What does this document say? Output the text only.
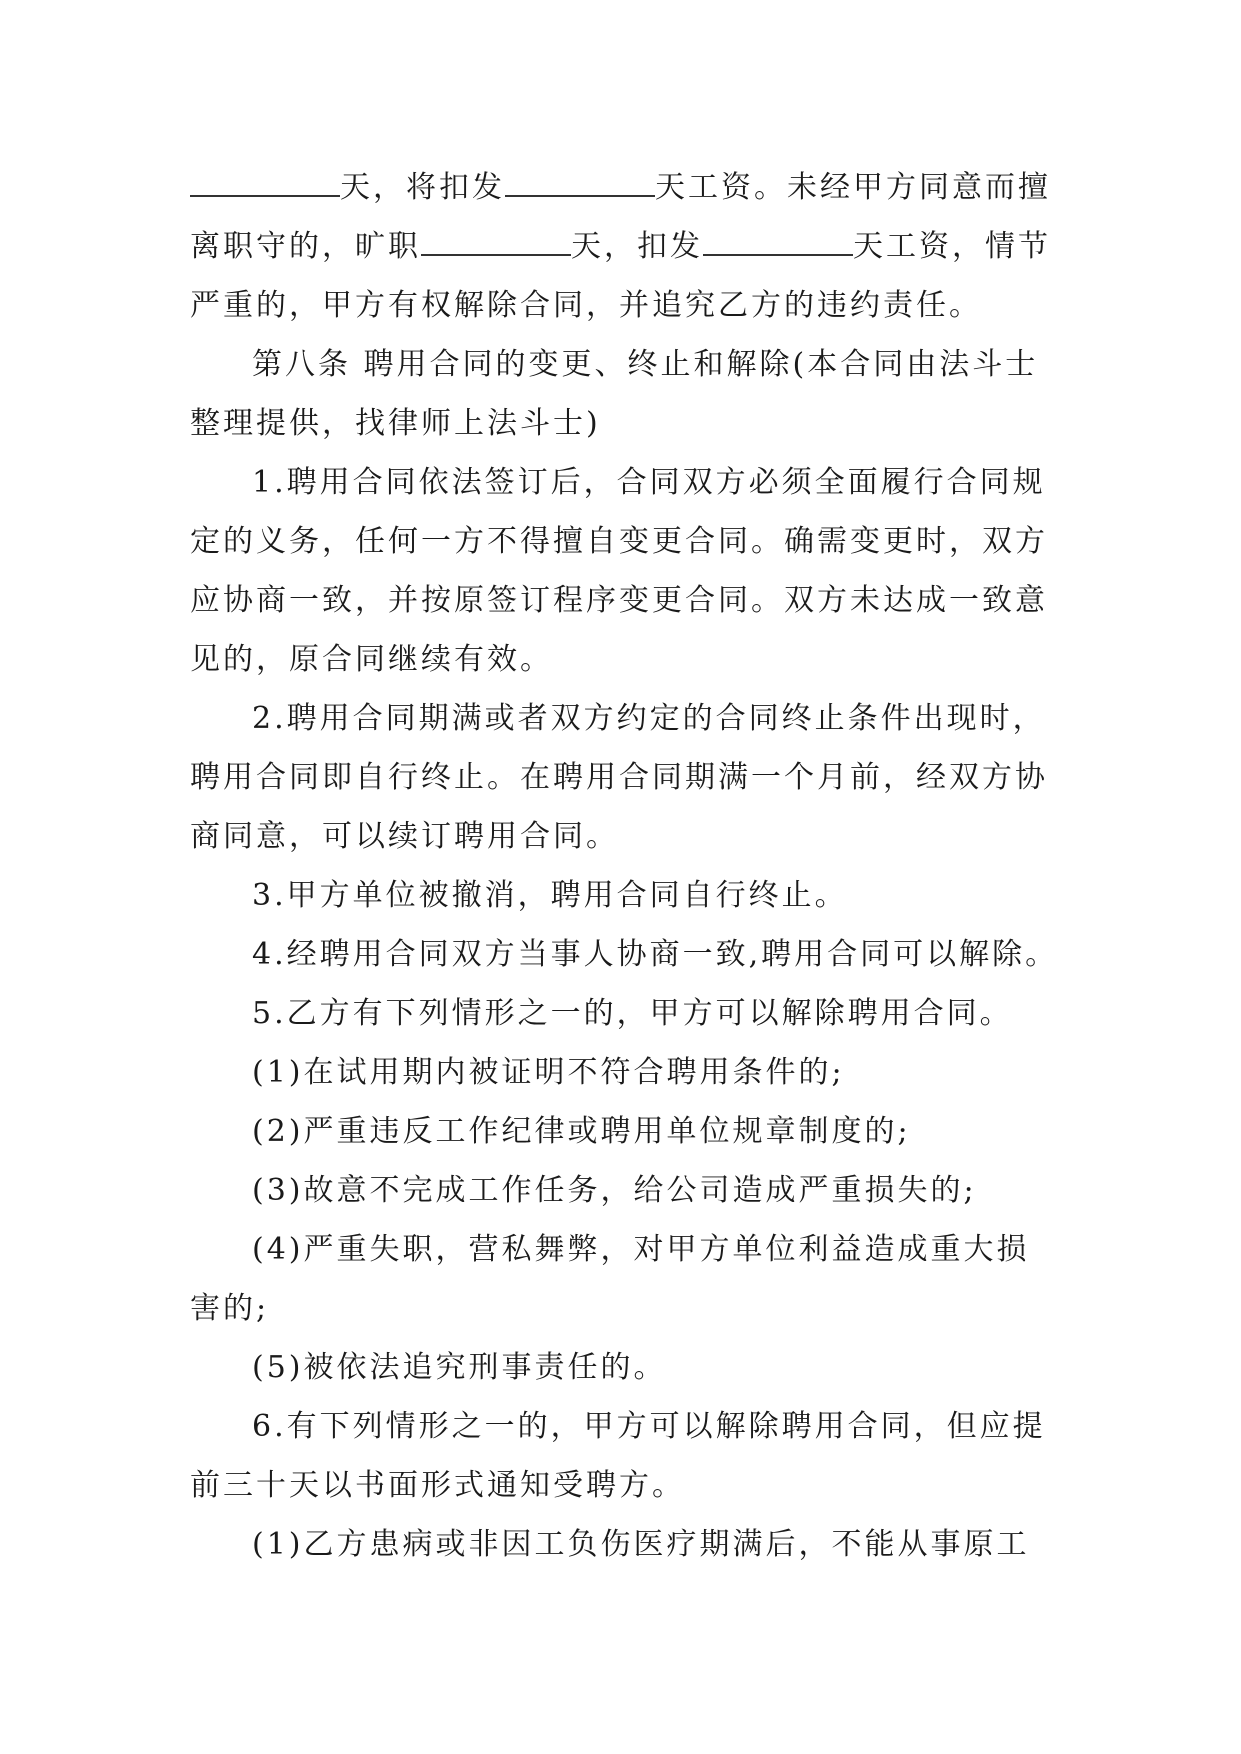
天，将扣发	天工资。未经甲方同意而擅离职守的，旷职	天，扣发	天工资，情节严重的，甲方有权解除合同，并追究乙方的违约责任。

第八条 聘用合同的变更、终止和解除(本合同由法斗士整理提供，找律师上法斗士)

1.聘用合同依法签订后，合同双方必须全面履行合同规定的义务，任何一方不得擅自变更合同。确需变更时，双方应协商一致，并按原签订程序变更合同。双方未达成一致意见的，原合同继续有效。

2.聘用合同期满或者双方约定的合同终止条件出现时，聘用合同即自行终止。在聘用合同期满一个月前，经双方协商同意，可以续订聘用合同。

3.甲方单位被撤消，聘用合同自行终止。

4.经聘用合同双方当事人协商一致,聘用合同可以解除。

5.乙方有下列情形之一的，甲方可以解除聘用合同。

(1)在试用期内被证明不符合聘用条件的;

(2)严重违反工作纪律或聘用单位规章制度的;

(3)故意不完成工作任务，给公司造成严重损失的;

(4)严重失职，营私舞弊，对甲方单位利益造成重大损害的;

(5)被依法追究刑事责任的。

6.有下列情形之一的，甲方可以解除聘用合同，但应提前三十天以书面形式通知受聘方。

(1)乙方患病或非因工负伤医疗期满后，不能从事原工
